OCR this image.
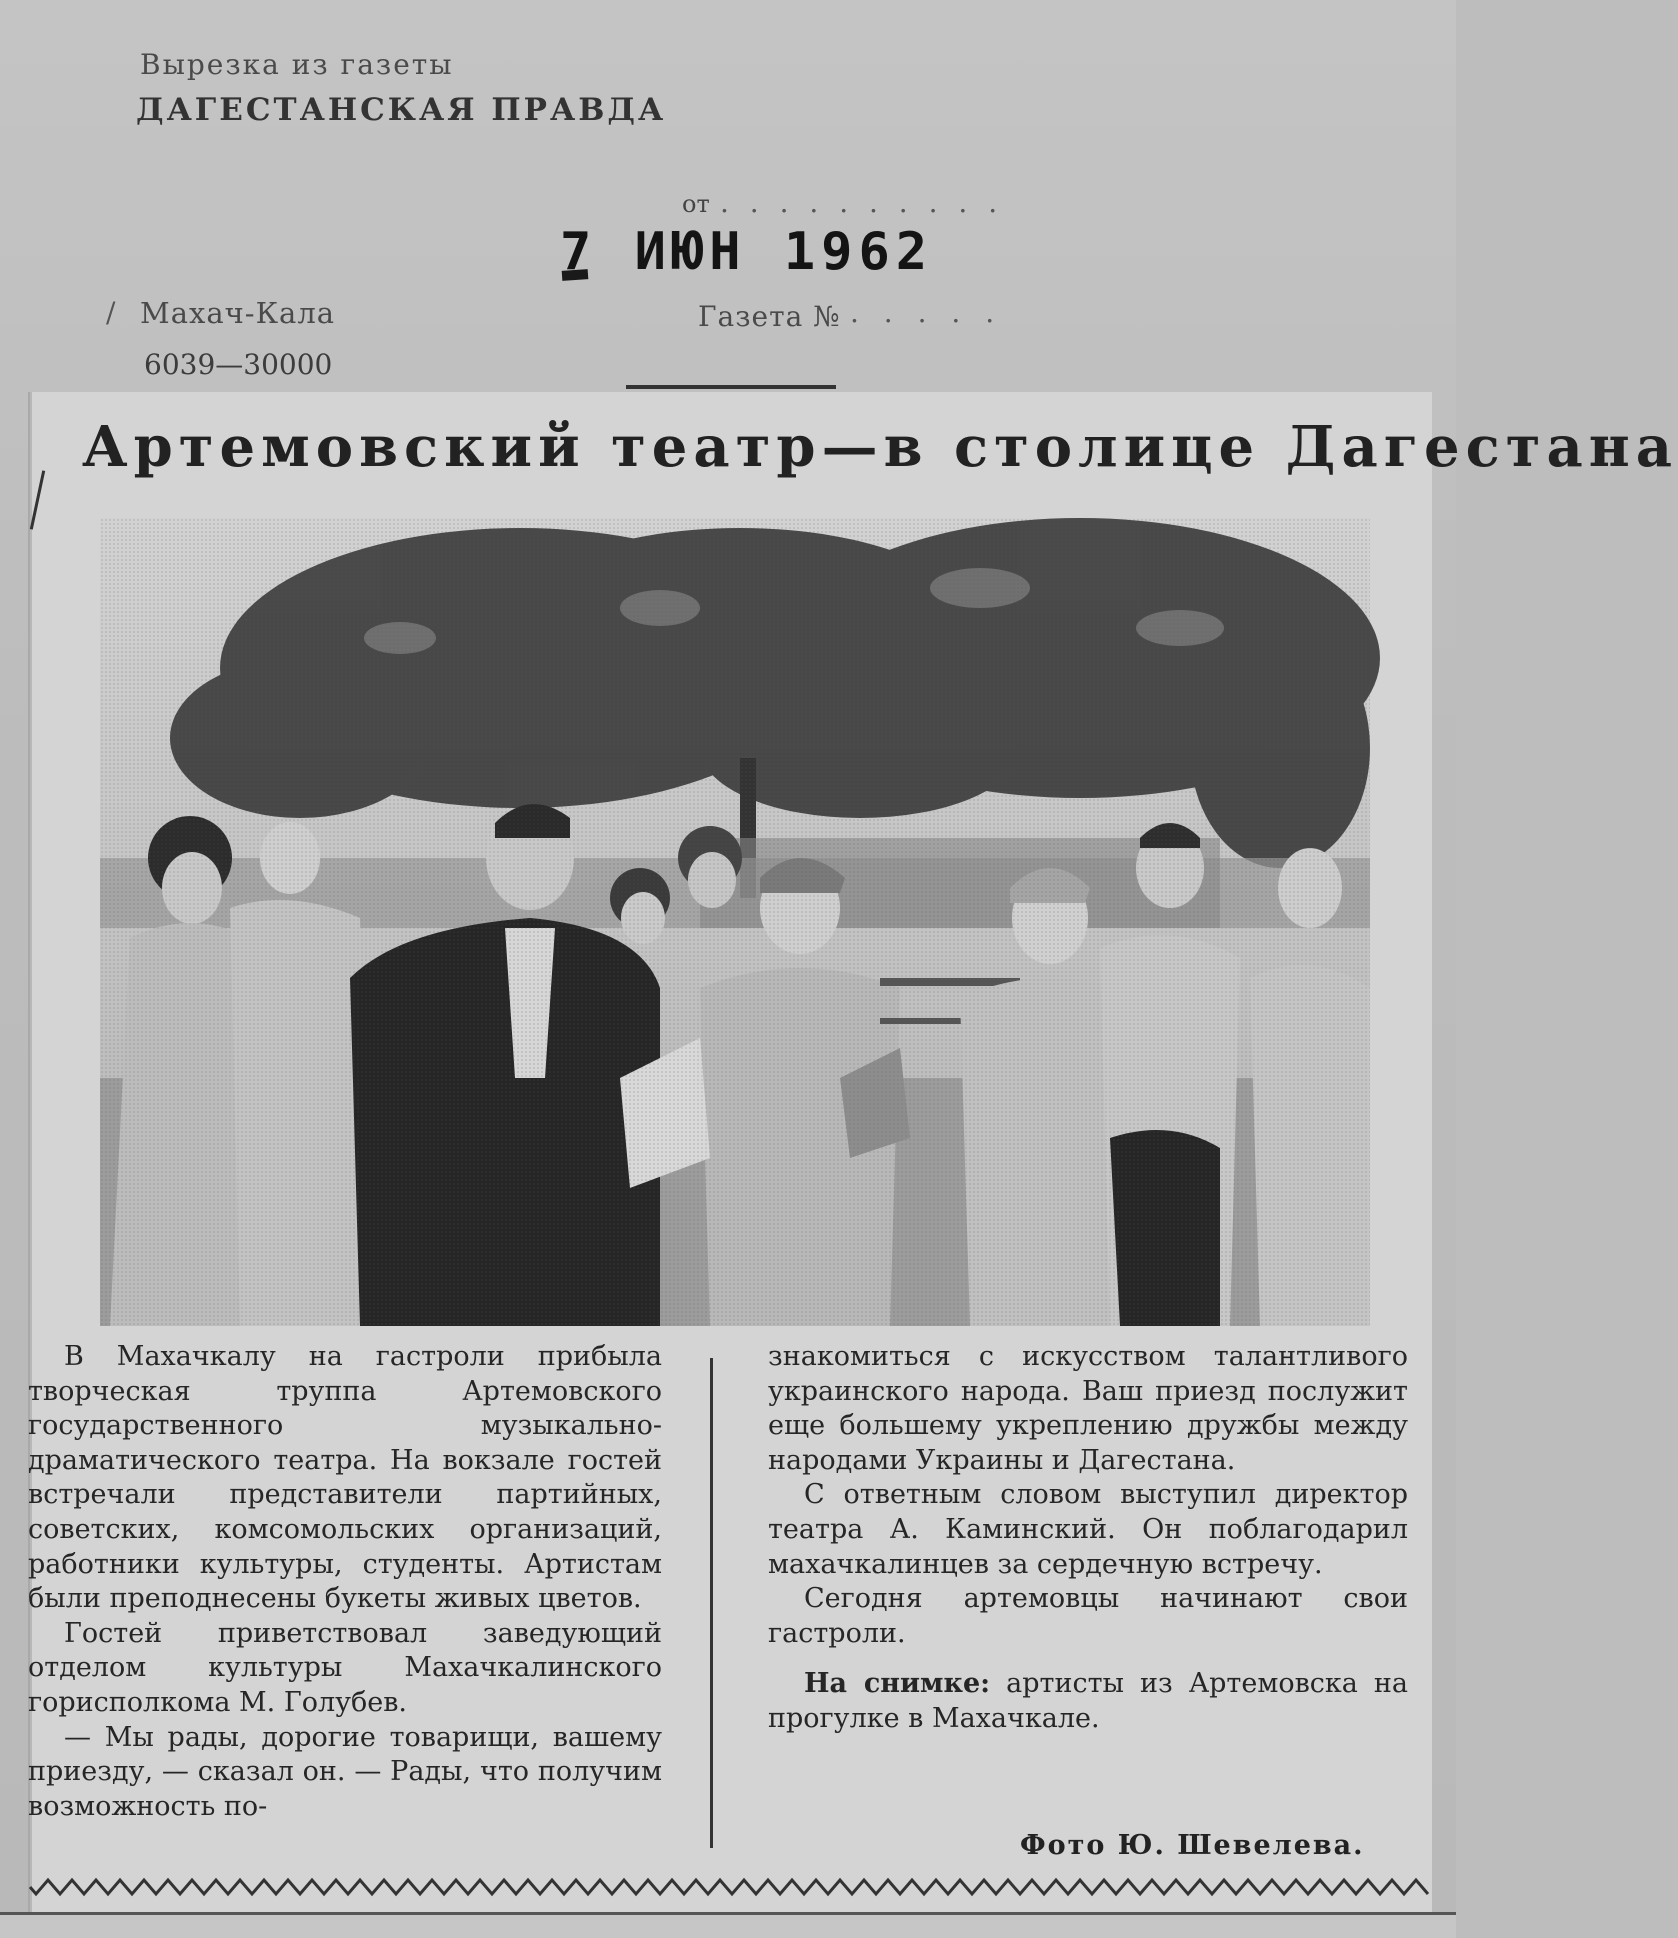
Вырезка из газеты
ДАГЕСТАНСКАЯ ПРАВДА
от . . . . . . . . . .
7 ИЮН 1962
/ Махач-Кала
6039—30000
Газета № . . . . .
Артемовский театр—в столице Дагестана

В Махачкалу на гастроли прибыла творческая труппа Артемовского государственного музыкально-драматического театра. На вокзале гостей встречали представители партийных, советских, комсомольских организаций, работники культуры, студенты. Артистам были преподнесены букеты живых цветов.

Гостей приветствовал заведующий отделом культуры Махачкалинского горисполкома М. Голубев.

— Мы рады, дорогие товарищи, вашему приезду, — сказал он. — Рады, что получим возможность по-

знакомиться с искусством талантливого украинского народа. Ваш приезд послужит еще большему укреплению дружбы между народами Украины и Дагестана.

С ответным словом выступил директор театра А. Каминский. Он поблагодарил махачкалинцев за сердечную встречу.

Сегодня артемовцы начинают свои гастроли.

На снимке: артисты из Артемовска на прогулке в Махачкале.

Фото Ю. Шевелева.
